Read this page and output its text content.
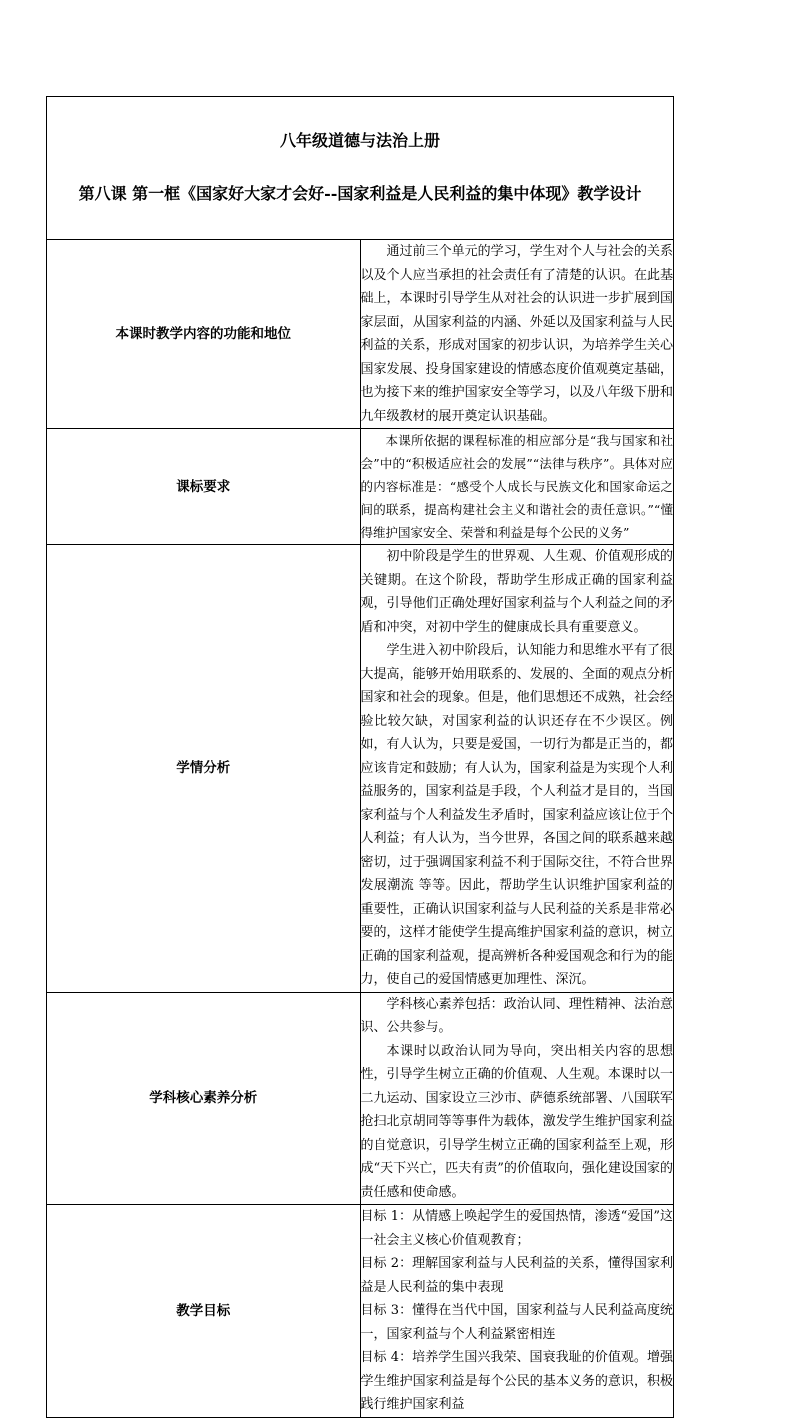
八年级道德与法治上册
第八课 第一框《国家好大家才会好--国家利益是人民利益的集中体现》教学设计	

本课时教学内容的功能和地位	通过前三个单元的学习，学生对个人与社会的关系以及个人应当承担的社会责任有了清楚的认识。在此基础上，本课时引导学生从对社会的认识进一步扩展到国家层面，从国家利益的内涵、外延以及国家利益与人民利益的关系，形成对国家的初步认识，为培养学生关心国家发展、投身国家建设的情感态度价值观奠定基础，也为接下来的维护国家安全等学习，以及八年级下册和九年级教材的展开奠定认识基础。

课标要求	本课所依据的课程标准的相应部分是“我与国家和社会”中的“积极适应社会的发展”“法律与秩序”。具体对应的内容标准是：“感受个人成长与民族文化和国家命运之间的联系，提高构建社会主义和谐社会的责任意识。”“懂得维护国家安全、荣誉和利益是每个公民的义务”

学情分析	初中阶段是学生的世界观、人生观、价值观形成的关键期。在这个阶段，帮助学生形成正确的国家利益观，引导他们正确处理好国家利益与个人利益之间的矛盾和冲突，对初中学生的健康成长具有重要意义。

学生进入初中阶段后，认知能力和思维水平有了很大提高，能够开始用联系的、发展的、全面的观点分析国家和社会的现象。但是，他们思想还不成熟，社会经验比较欠缺，对国家利益的认识还存在不少误区。例如，有人认为，只要是爱国，一切行为都是正当的，都应该肯定和鼓励；有人认为，国家利益是为实现个人利益服务的，国家利益是手段，个人利益才是目的，当国家利益与个人利益发生矛盾时，国家利益应该让位于个人利益；有人认为，当今世界，各国之间的联系越来越密切，过于强调国家利益不利于国际交往，不符合世界发展潮流 等等。因此，帮助学生认识维护国家利益的重要性，正确认识国家利益与人民利益的关系是非常必要的，这样才能使学生提高维护国家利益的意识，树立正确的国家利益观，提高辨析各种爱国观念和行为的能力，使自己的爱国情感更加理性、深沉。

学科核心素养分析	学科核心素养包括：政治认同、理性精神、法治意识、公共参与。

本课时以政治认同为导向，突出相关内容的思想性，引导学生树立正确的价值观、人生观。本课时以一二九运动、国家设立三沙市、萨德系统部署、八国联军抢扫北京胡同等等事件为载体，激发学生维护国家利益的自觉意识，引导学生树立正确的国家利益至上观，形成“天下兴亡，匹夫有责”的价值取向，强化建设国家的责任感和使命感。

教学目标	目标 1：从情感上唤起学生的爱国热情，渗透“爱国”这一社会主义核心价值观教育；

目标 2：理解国家利益与人民利益的关系，懂得国家利益是人民利益的集中表现

目标 3：懂得在当代中国，国家利益与人民利益高度统一，国家利益与个人利益紧密相连

目标 4：培养学生国兴我荣、国衰我耻的价值观。增强学生维护国家利益是每个公民的基本义务的意识，积极践行维护国家利益
